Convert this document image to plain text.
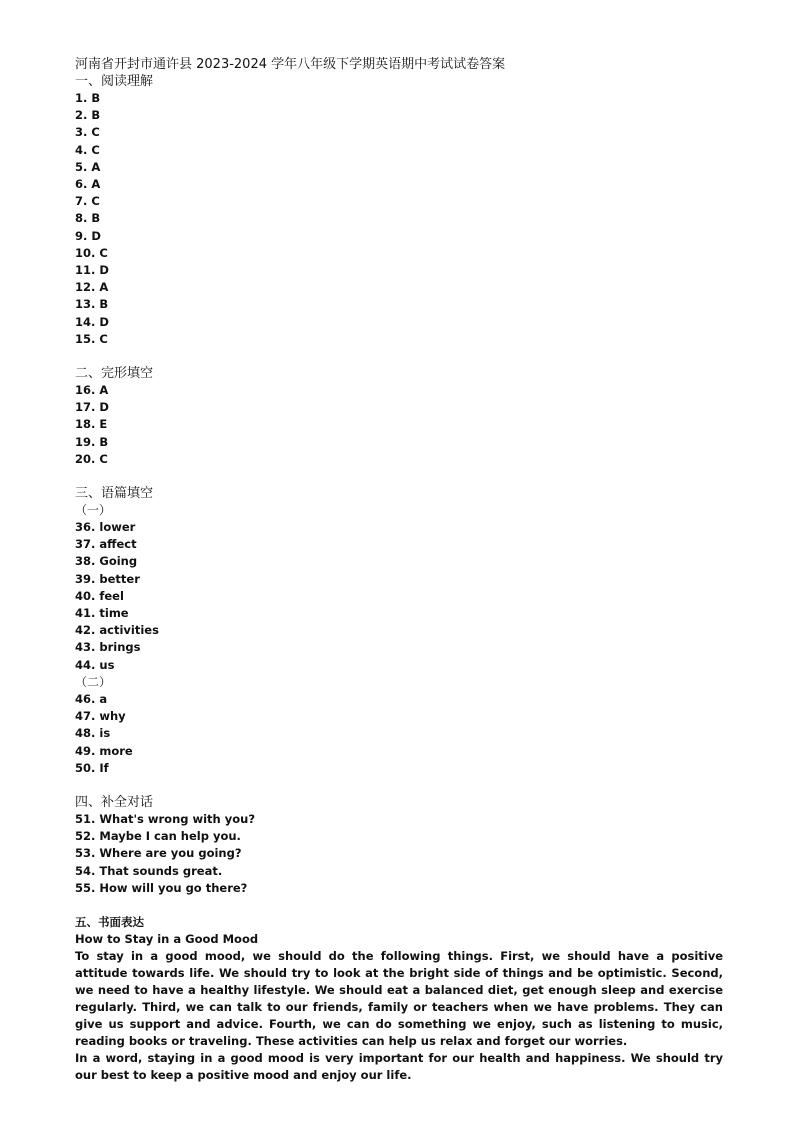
河南省开封市通许县 2023-2024 学年八年级下学期英语期中考试试卷答案

一、阅读理解

1. B
2. B
3. C
4. C
5. A
6. A
7. C
8. B
9. D
10. C
11. D
12. A
13. B
14. D
15. C

二、完形填空

16. A
17. D
18. E
19. B
20. C

三、语篇填空

（一）

36. lower
37. affect
38. Going
39. better
40. feel
41. time
42. activities
43. brings
44. us

（二）

46. a
47. why
48. is
49. more
50. If

四、补全对话

51. What's wrong with you?
52. Maybe I can help you.
53. Where are you going?
54. That sounds great.
55. How will you go there?

五、书面表达

How to Stay in a Good Mood

To stay in a good mood, we should do the following things. First, we should have a positive attitude towards life. We should try to look at the bright side of things and be optimistic. Second, we need to have a healthy lifestyle. We should eat a balanced diet, get enough sleep and exercise regularly. Third, we can talk to our friends, family or teachers when we have problems. They can give us support and advice. Fourth, we can do something we enjoy, such as listening to music, reading books or traveling. These activities can help us relax and forget our worries.

In a word, staying in a good mood is very important for our health and happiness. We should try our best to keep a positive mood and enjoy our life.
